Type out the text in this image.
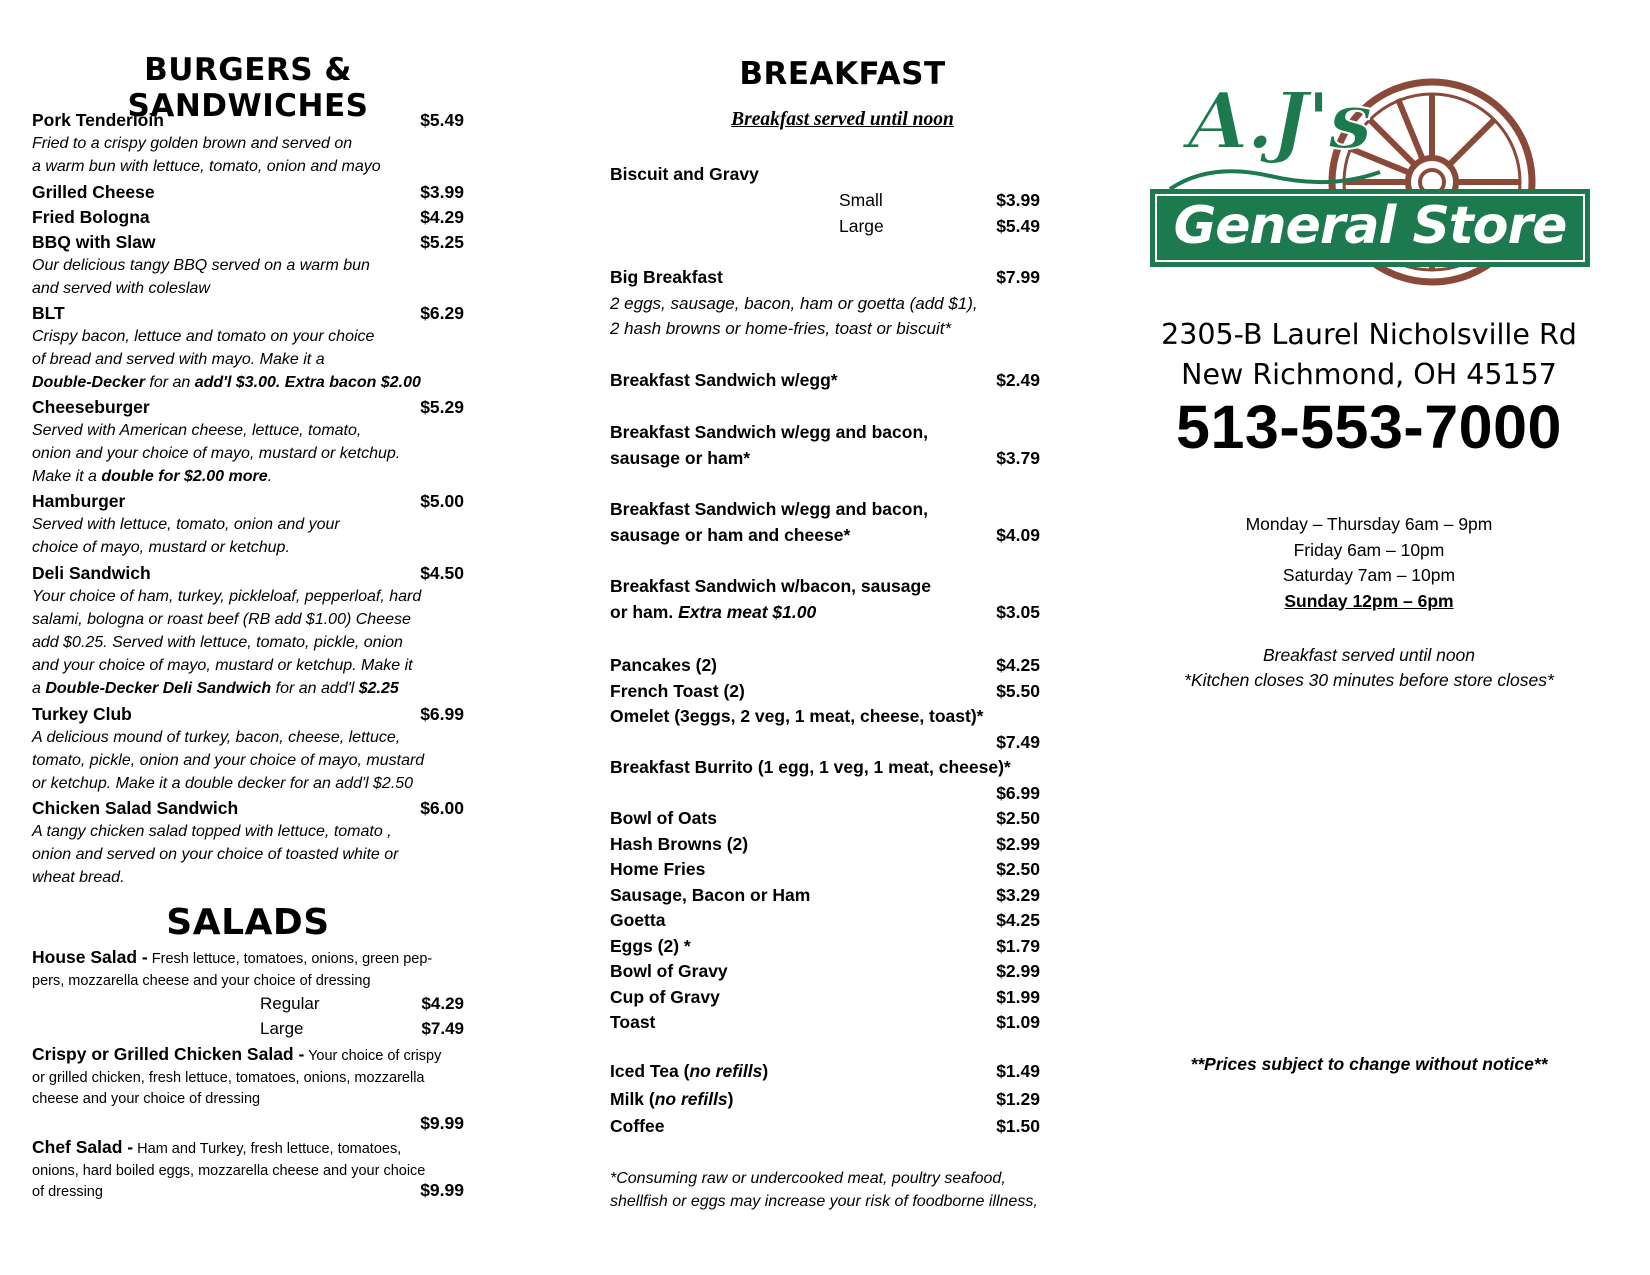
BURGERS & SANDWICHES
Pork Tenderloin	$5.49
Fried to a crispy golden brown and served on
a warm bun with lettuce, tomato, onion and mayo
Grilled Cheese	$3.99
Fried Bologna	$4.29
BBQ with Slaw	$5.25
Our delicious tangy BBQ served on a warm bun
and served with coleslaw
BLT	$6.29
Crispy bacon, lettuce and tomato on your choice
of bread and served with mayo. Make it a
Double-Decker for an add'l $3.00. Extra bacon $2.00
Cheeseburger	$5.29
Served with American cheese, lettuce, tomato,
onion and your choice of mayo, mustard or ketchup.
Make it a double for $2.00 more.
Hamburger	$5.00
Served with lettuce, tomato, onion and your
choice of mayo, mustard or ketchup.
Deli Sandwich	$4.50
Your choice of ham, turkey, pickleloaf, pepperloaf, hard
salami, bologna or roast beef (RB add $1.00) Cheese
add $0.25. Served with lettuce, tomato, pickle, onion
and your choice of mayo, mustard or ketchup. Make it
a Double-Decker Deli Sandwich for an add'l $2.25
Turkey Club	$6.99
A delicious mound of turkey, bacon, cheese, lettuce,
tomato, pickle, onion and your choice of mayo, mustard
or ketchup. Make it a double decker for an add'l $2.50
Chicken Salad Sandwich	$6.00
A tangy chicken salad topped with lettuce, tomato ,
onion and served on your choice of toasted white or
wheat bread.
SALADS
House Salad - Fresh lettuce, tomatoes, onions, green pep-
pers, mozzarella cheese and your choice of dressing
Regular	$4.29
Large	$7.49
Crispy or Grilled Chicken Salad - Your choice of crispy
or grilled chicken, fresh lettuce, tomatoes, onions, mozzarella
cheese and your choice of dressing
$9.99
Chef Salad - Ham and Turkey, fresh lettuce, tomatoes,
onions, hard boiled eggs, mozzarella cheese and your choice
of dressing	$9.99
BREAKFAST
Breakfast served until noon
Biscuit and Gravy
Small	$3.99
Large	$5.49
Big Breakfast	$7.99
2 eggs, sausage, bacon, ham or goetta (add $1),
2 hash browns or home-fries, toast or biscuit*
Breakfast Sandwich w/egg*	$2.49
Breakfast Sandwich w/egg and bacon,
sausage or ham*	$3.79
Breakfast Sandwich w/egg and bacon,
sausage or ham and cheese*	$4.09
Breakfast Sandwich w/bacon, sausage
or ham. Extra meat $1.00	$3.05
Pancakes (2)	$4.25
French Toast (2)	$5.50
Omelet (3eggs, 2 veg, 1 meat, cheese, toast)*
$7.49
Breakfast Burrito (1 egg, 1 veg, 1 meat, cheese)*
$6.99
Bowl of Oats	$2.50
Hash Browns (2)	$2.99
Home Fries	$2.50
Sausage, Bacon or Ham	$3.29
Goetta	$4.25
Eggs (2) *	$1.79
Bowl of Gravy	$2.99
Cup of Gravy	$1.99
Toast	$1.09
Iced Tea (no refills)	$1.49
Milk (no refills)	$1.29
Coffee	$1.50
*Consuming raw or undercooked meat, poultry seafood,
shellfish or eggs may increase your risk of foodborne illness,
A.J's
General Store
2305-B Laurel Nicholsville Rd
New Richmond, OH 45157
513-553-7000
Monday – Thursday 6am – 9pm
Friday 6am – 10pm
Saturday 7am – 10pm
Sunday 12pm – 6pm
Breakfast served until noon
*Kitchen closes 30 minutes before store closes*
**Prices subject to change without notice**
